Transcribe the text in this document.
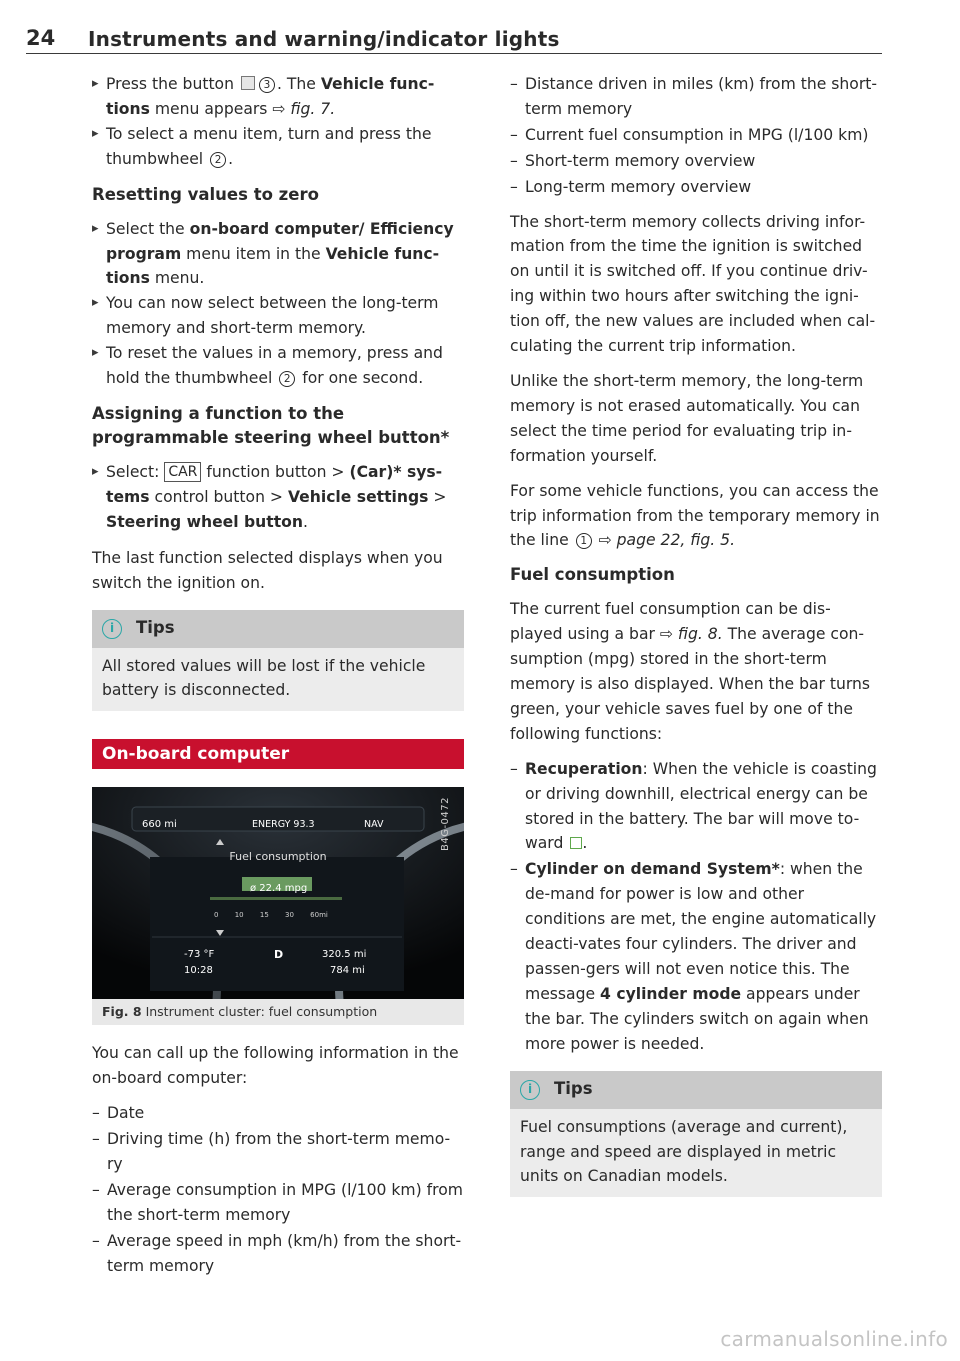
24 Instruments and warning/indicator lights

▸ Press the button 3 . The Vehicle func-tions menu appears ⇨ fig. 7.

▸ To select a menu item, turn and press the thumbwheel 2 .

Resetting values to zero

▸ Select the on-board computer/ Efficiency program menu item in the Vehicle func-tions menu.

▸ You can now select between the long-term memory and short-term memory.

▸ To reset the values in a memory, press and hold the thumbwheel 2 for one second.

Assigning a function to the programmable steering wheel button*

▸ Select: CAR function button > (Car)* sys-tems control button > Vehicle settings > Steering wheel button.

The last function selected displays when you switch the ignition on.

i	Tips
All stored values will be lost if the vehicle battery is disconnected.
On-board computer
660 mi	ENERGY 93.3	NAV
Fuel consumption
ø 22.4 mpg
0 10 15 30 60mi
-73 °F
10:28
D	320.5 mi
784 mi
B4G-0472
Fig. 8 Instrument cluster: fuel consumption

You can call up the following information in the on-board computer:

– Date

– Driving time (h) from the short-term memo-ry

– Average consumption in MPG (l/100 km) from the short-term memory

– Average speed in mph (km/h) from the short-term memory

– Distance driven in miles (km) from the short-term memory

– Current fuel consumption in MPG (l/100 km)

– Short-term memory overview

– Long-term memory overview

The short-term memory collects driving infor-mation from the time the ignition is switched on until it is switched off. If you continue driv-ing within two hours after switching the igni-tion off, the new values are included when cal-culating the current trip information.

Unlike the short-term memory, the long-term memory is not erased automatically. You can select the time period for evaluating trip in-formation yourself.

For some vehicle functions, you can access the trip information from the temporary memory in the line 1 ⇨ page 22, fig. 5.

Fuel consumption

The current fuel consumption can be dis-played using a bar ⇨ fig. 8. The average con-sumption (mpg) stored in the short-term memory is also displayed. When the bar turns green, your vehicle saves fuel by one of the following functions:

– Recuperation: When the vehicle is coasting or driving downhill, electrical energy can be stored in the battery. The bar will move to-ward .

– Cylinder on demand System*: when the de-mand for power is low and other conditions are met, the engine automatically deacti-vates four cylinders. The driver and passen-gers will not even notice this. The message 4 cylinder mode appears under the bar. The cylinders switch on again when more power is needed.

i	Tips
Fuel consumptions (average and current), range and speed are displayed in metric units on Canadian models.
carmanualsonline.info
